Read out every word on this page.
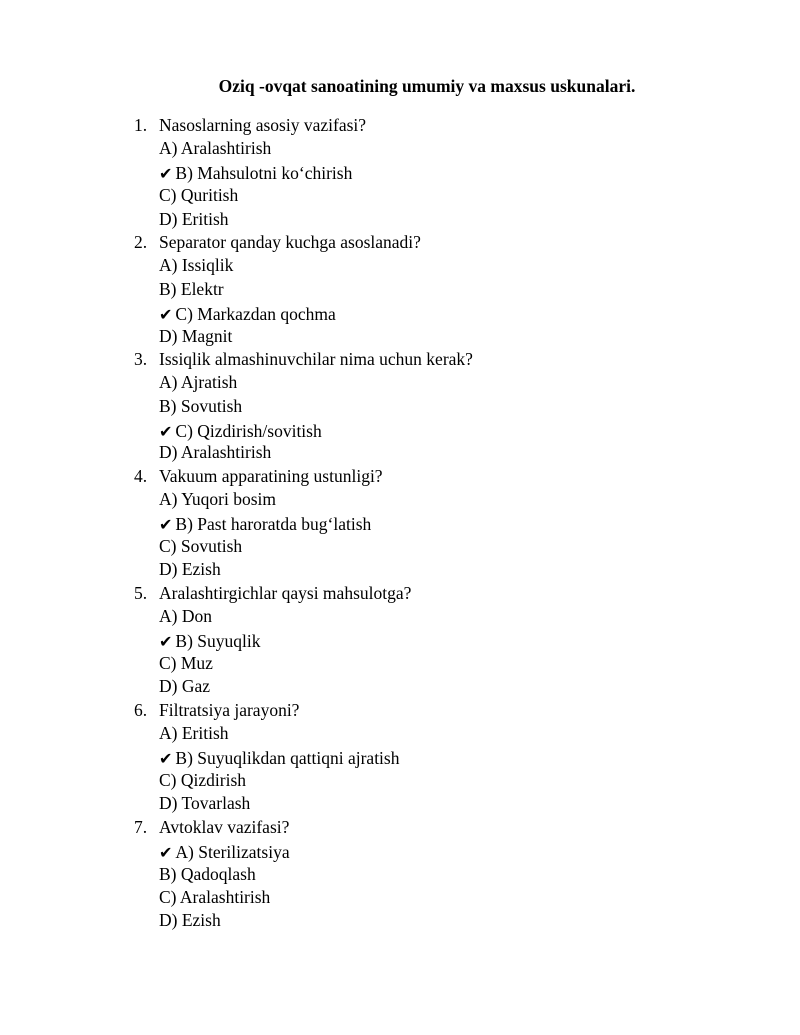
Oziq -ovqat sanoatining umumiy va maxsus uskunalari.
1. Nasoslarning asosiy vazifasi?
A) Aralashtirish
✔ B) Mahsulotni ko‘chirish
C) Quritish
D) Eritish
2. Separator qanday kuchga asoslanadi?
A) Issiqlik
B) Elektr
✔ C) Markazdan qochma
D) Magnit
3. Issiqlik almashinuvchilar nima uchun kerak?
A) Ajratish
B) Sovutish
✔ C) Qizdirish/sovitish
D) Aralashtirish
4. Vakuum apparatining ustunligi?
A) Yuqori bosim
✔ B) Past haroratda bug‘latish
C) Sovutish
D) Ezish
5. Aralashtirgichlar qaysi mahsulotga?
A) Don
✔ B) Suyuqlik
C) Muz
D) Gaz
6. Filtratsiya jarayoni?
A) Eritish
✔ B) Suyuqlikdan qattiqni ajratish
C) Qizdirish
D) Tovarlash
7. Avtoklav vazifasi?
✔ A) Sterilizatsiya
B) Qadoqlash
C) Aralashtirish
D) Ezish
